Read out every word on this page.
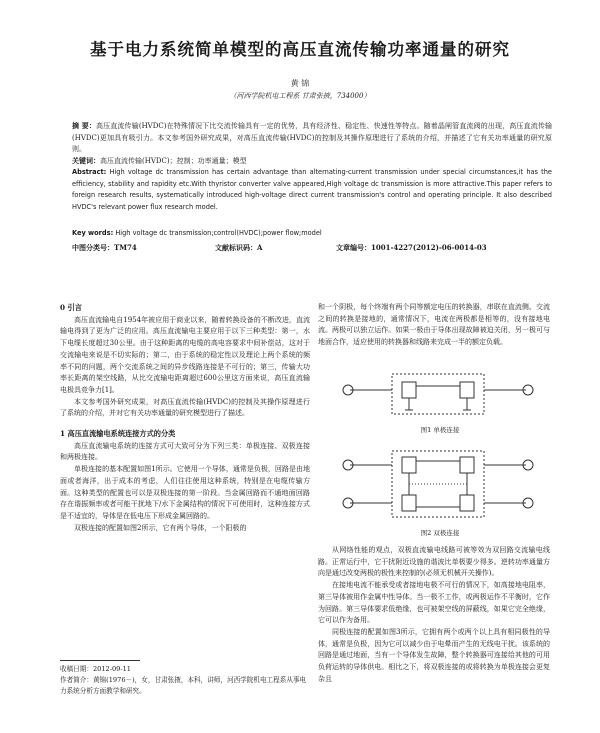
基于电力系统简单模型的高压直流传输功率通量的研究
黄 锦
（河西学院机电工程系 甘肃张掖，734000）
摘 要：高压直流传输(HVDC)在特殊情况下比交流传输具有一定的优势，具有经济性、稳定性、快速性等特点。随着晶闸管直流阀的出现，高压直流传输(HVDC)更加具有吸引力。本文参考国外研究成果，对高压直流传输(HVDC)的控制及其操作原理进行了系统的介绍，并描述了它有关功率通量的研究原则。
关键词：高压直流传输(HVDC)；控制；功率通量；模型
Abstract: High voltage dc transmission has certain advantage than alternating-current transmission under special circumstances,it has the efficiency, stability and rapidity etc.With thyristor converter valve appeared,High voltage dc transmission is more attractive.This paper refers to foreign research results, systematically introduced high-voltage direct current transmission's control and operating principle. It also described HVDC's relevant power flux research model.
Key words: High voltage dc transmission;control(HVDC);power flow;model
中图分类号：TM74	文献标识码：A	文章编号：1001-4227(2012)-06-0014-03
0 引言

高压直流输电自1954年被应用于商业以来，随着转换设备的不断改进，直流输电得到了更为广泛的应用。高压直流输电主要应用于以下三种类型：第一，水下电缆长度超过30公里。由于这种距离的电缆的高电容要求中间补偿站，这对于交流输电来说是不切实际的；第二，由于系统的稳定性以及理论上两个系统的频率不同的问题，两个交流系统之间的异步线路连接是不可行的；第三，传输大功率长距离的架空线路，从比交流输电距离超过600公里这方面来说，高压直流输电极具竞争力[1]。

本文参考国外研究成果，对高压直流传输(HVDC)的控制及其操作原理进行了系统的介绍，并对它有关功率通量的研究模型进行了描述。

1 高压直流输电系统连接方式的分类

高压直流输电系统的连接方式可大致可分为下列三类：单极连接、双极连接和两极连接。

单极连接的基本配置如图1所示。它使用一个导体，通常是负极，回路是由地面或者海洋，出于成本的考虑，人们往往使用这种系统，特别是在电缆传输方面。这种类型的配置也可以是双极连接的第一阶段。当金属回路而不通地面回路存在谐振频率或者可能干扰地下/水下金属结构的情况下可使用时，这种连接方式是不适宜的，导体是在低电压下形成金属回路的。

双极连接的配置如图2所示，它有两个导体，一个阳极的

收稿日期：2012-09-11
作者简介：黄锦(1976－)，女，甘肃张掖，本科，讲师，河西学院机电工程系从事电力系统分析方面教学和研究。

和一个阴极，每个终端有两个同等额定电压的转换器，串联在直流侧。交流之间的转换是接地的，通常情况下，电流在两极都是相等的，没有接地电流。两极可以独立运作。如果一极由于导体出现故障被迫关闭，另一极可与地面合作，适应使用的转换器和线路来完成一半的额定负载。

图1 单极连接
图2 双极连接

从网络性能的观点，双极直流输电线路可被等效为双回路交流输电线路。正常运行中，它干扰附近设施的谐波比单极要少得多。逆转功率通量方向是通过改变两极的极性来控制的(必须无机械开关操作)。

在接地电流不能承受或者接地电极不可行的情况下，如高接地电阻率，第三导体被用作金属中性导体。当一极不工作，或两极运作不平衡时，它作为回路。第三导体要求低绝缘，也可被架空线的屏蔽线，如果它完全绝缘，它可以作为备用。

同极连接的配置如图3所示，它拥有两个或两个以上具有相同极性的导体，通常是负极，因为它可以减少由于电晕而产生的无线电干扰。该系统的回路是通过地面，当有一个导体发生故障，整个转换器可连接给其他的可用负荷运转的导体供电。相比之下，将双极连接的或将转换为单极连接会更复杂且
